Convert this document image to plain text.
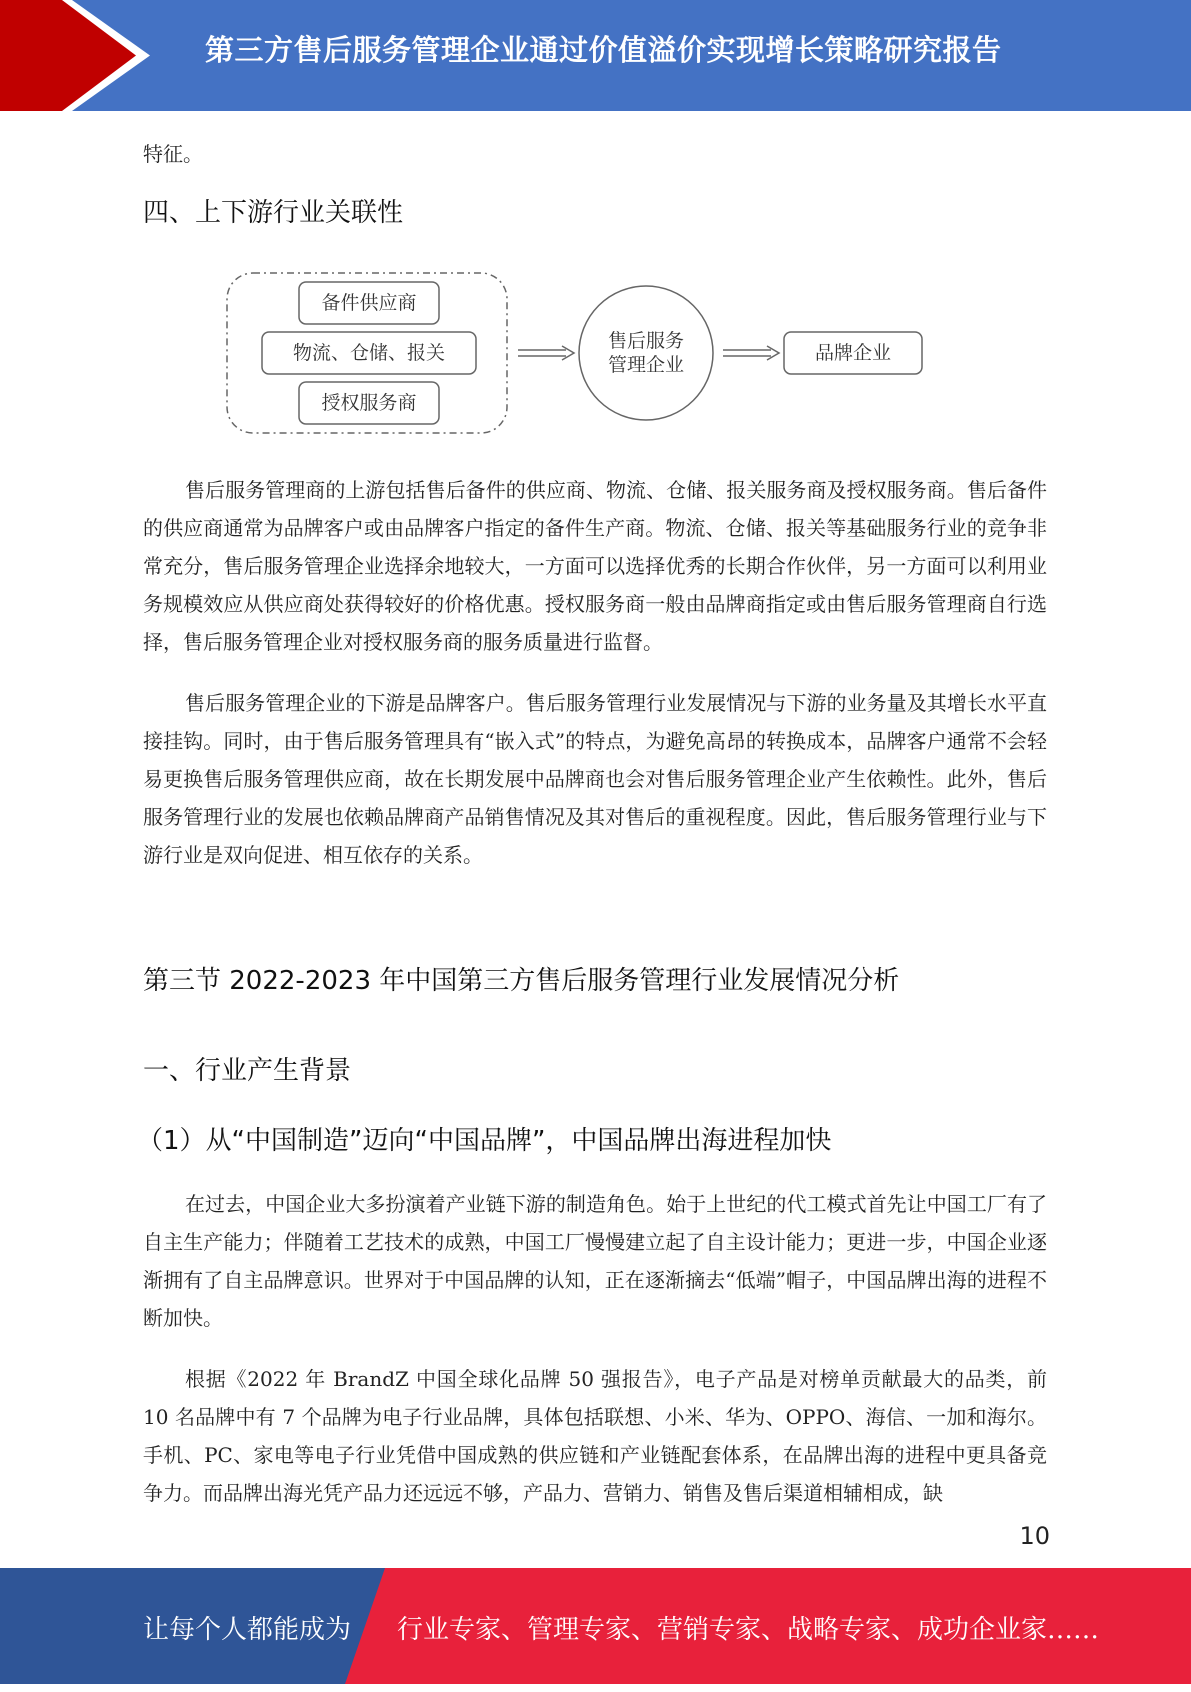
第三方售后服务管理企业通过价值溢价实现增长策略研究报告

特征。

四、上下游行业关联性
备件供应商
物流、仓储、报关
授权服务商
售后服务
管理企业
品牌企业

售后服务管理商的上游包括售后备件的供应商、物流、仓储、报关服务商及授权服务商。售后备件的供应商通常为品牌客户或由品牌客户指定的备件生产商。物流、仓储、报关等基础服务行业的竞争非常充分，售后服务管理企业选择余地较大，一方面可以选择优秀的长期合作伙伴，另一方面可以利用业务规模效应从供应商处获得较好的价格优惠。授权服务商一般由品牌商指定或由售后服务管理商自行选择，售后服务管理企业对授权服务商的服务质量进行监督。

售后服务管理企业的下游是品牌客户。售后服务管理行业发展情况与下游的业务量及其增长水平直接挂钩。同时，由于售后服务管理具有“嵌入式”的特点，为避免高昂的转换成本，品牌客户通常不会轻易更换售后服务管理供应商，故在长期发展中品牌商也会对售后服务管理企业产生依赖性。此外，售后服务管理行业的发展也依赖品牌商产品销售情况及其对售后的重视程度。因此，售后服务管理行业与下游行业是双向促进、相互依存的关系。

第三节 2022-2023 年中国第三方售后服务管理行业发展情况分析
一、行业产生背景
（1）从“中国制造”迈向“中国品牌”，中国品牌出海进程加快

在过去，中国企业大多扮演着产业链下游的制造角色。始于上世纪的代工模式首先让中国工厂有了自主生产能力；伴随着工艺技术的成熟，中国工厂慢慢建立起了自主设计能力；更进一步，中国企业逐渐拥有了自主品牌意识。世界对于中国品牌的认知，正在逐渐摘去“低端”帽子，中国品牌出海的进程不断加快。

根据《2022 年 BrandZ 中国全球化品牌 50 强报告》，电子产品是对榜单贡献最大的品类，前 10 名品牌中有 7 个品牌为电子行业品牌，具体包括联想、小米、华为、OPPO、海信、一加和海尔。手机、PC、家电等电子行业凭借中国成熟的供应链和产业链配套体系，在品牌出海的进程中更具备竞争力。而品牌出海光凭产品力还远远不够，产品力、营销力、销售及售后渠道相辅相成，缺

10
让每个人都能成为 行业专家、管理专家、营销专家、战略专家、成功企业家……
